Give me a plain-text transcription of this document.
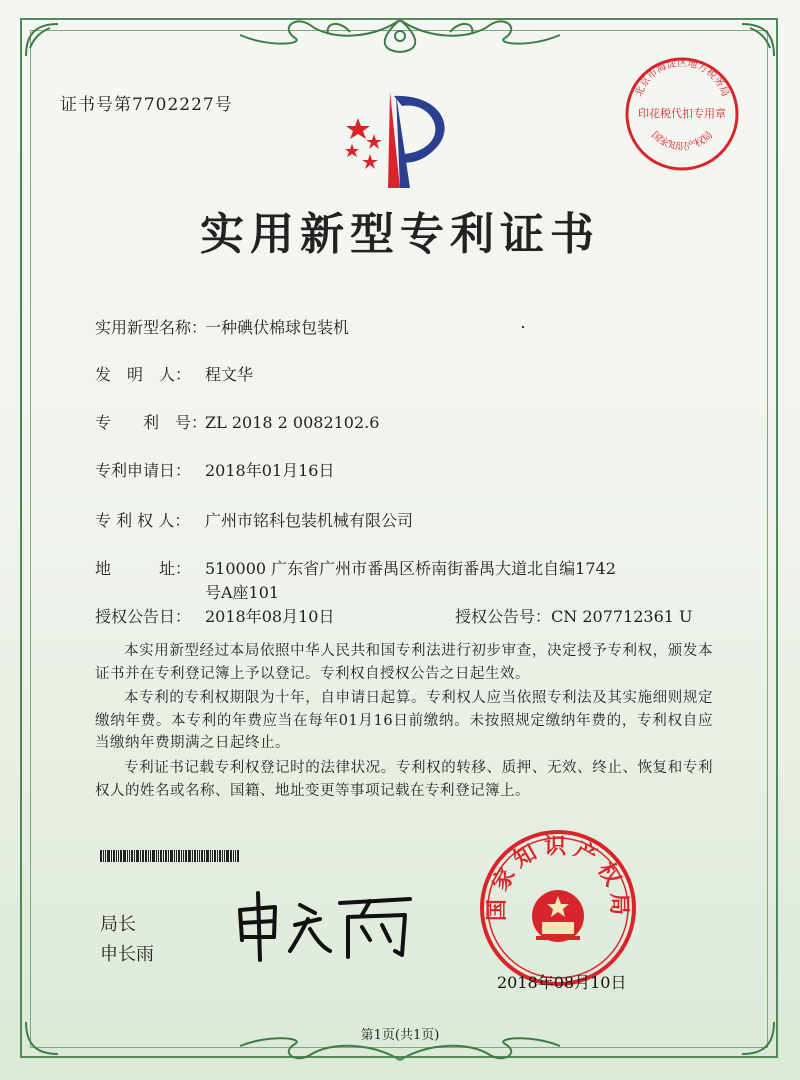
证书号第7702227号
实用新型专利证书
实用新型名称：一种碘伏棉球包装机
发　明　人： 程文华
专　　利　号：ZL 2018 2 0082102.6
专利申请日： 2018年01月16日
专 利 权 人： 广州市铭科包装机械有限公司
地　　　址： 510000 广东省广州市番禺区桥南街番禺大道北自编1742
号A座101
授权公告日： 2018年08月10日	授权公告号：CN 207712361 U
本实用新型经过本局依照中华人民共和国专利法进行初步审查，决定授予专利权，颁发本证书并在专利登记簿上予以登记。专利权自授权公告之日起生效。
本专利的专利权期限为十年，自申请日起算。专利权人应当依照专利法及其实施细则规定缴纳年费。本专利的年费应当在每年01月16日前缴纳。未按照规定缴纳年费的，专利权自应当缴纳年费期满之日起终止。
专利证书记载专利权登记时的法律状况。专利权的转移、质押、无效、终止、恢复和专利权人的姓名或名称、国籍、地址变更等事项记载在专利登记簿上。
局长
申长雨
国家知识产权局
2018年08月10日
北京市海淀区地方税务局
国家知识产权局
印花税代扣专用章
第1页(共1页)
